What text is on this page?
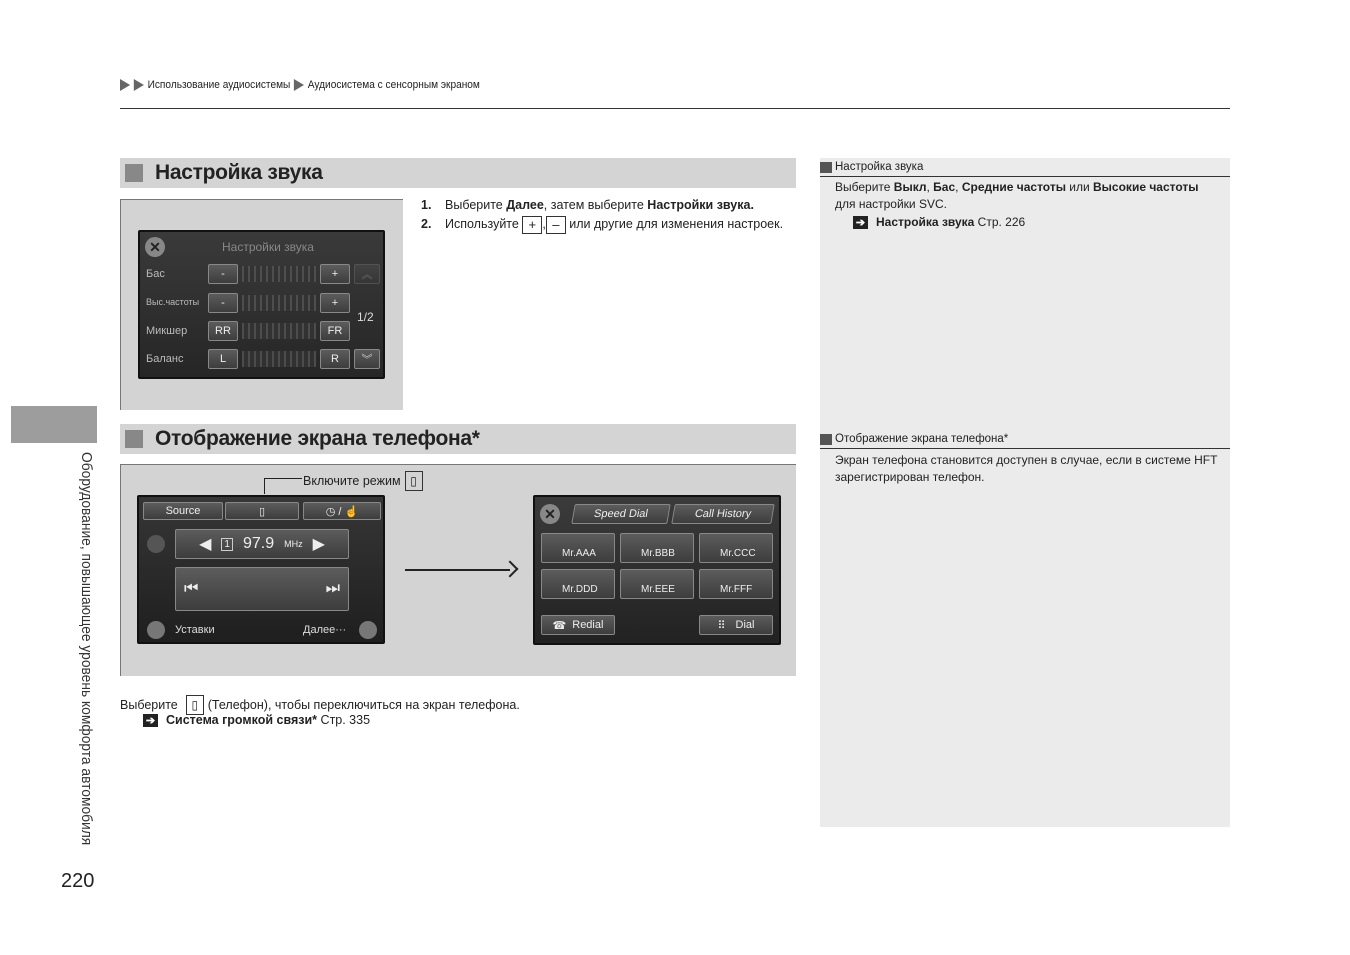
Использование аудиосистемы Аудиосистема с сенсорным экраном
Оборудование, повышающее уровень комфорта автомобиля
220
Настройка звука
✕	Настройки звука
Бас	-	+
Выс.частоты	-	+
Микшер	RR	FR
Баланс	L	R
︽
1/2
︾
1. Выберите Далее, затем выберите Настройки звука.
2. Используйте + , – или другие для изменения настроек.
Отображение экрана телефона*
Включите режим ▯
Source	▯	◷ / ☝
◀	1 97.9 MHz ▶
⏮	⏭
Уставки	Далее···
✕	Speed Dial	Call History
Mr.AAA	Mr.BBB	Mr.CCC
Mr.DDD	Mr.EEE	Mr.FFF
☎ Redial	⠿ Dial
Выберите	▯ (Телефон), чтобы переключиться на экран телефона.
➔ Система громкой связи* Стр. 335
Настройка звука
Выберите Выкл, Бас, Средние частоты или Высокие частоты для настройки SVC.
➔ Настройка звука Стр. 226
Отображение экрана телефона*
Экран телефона становится доступен в случае, если в системе HFT зарегистрирован телефон.
